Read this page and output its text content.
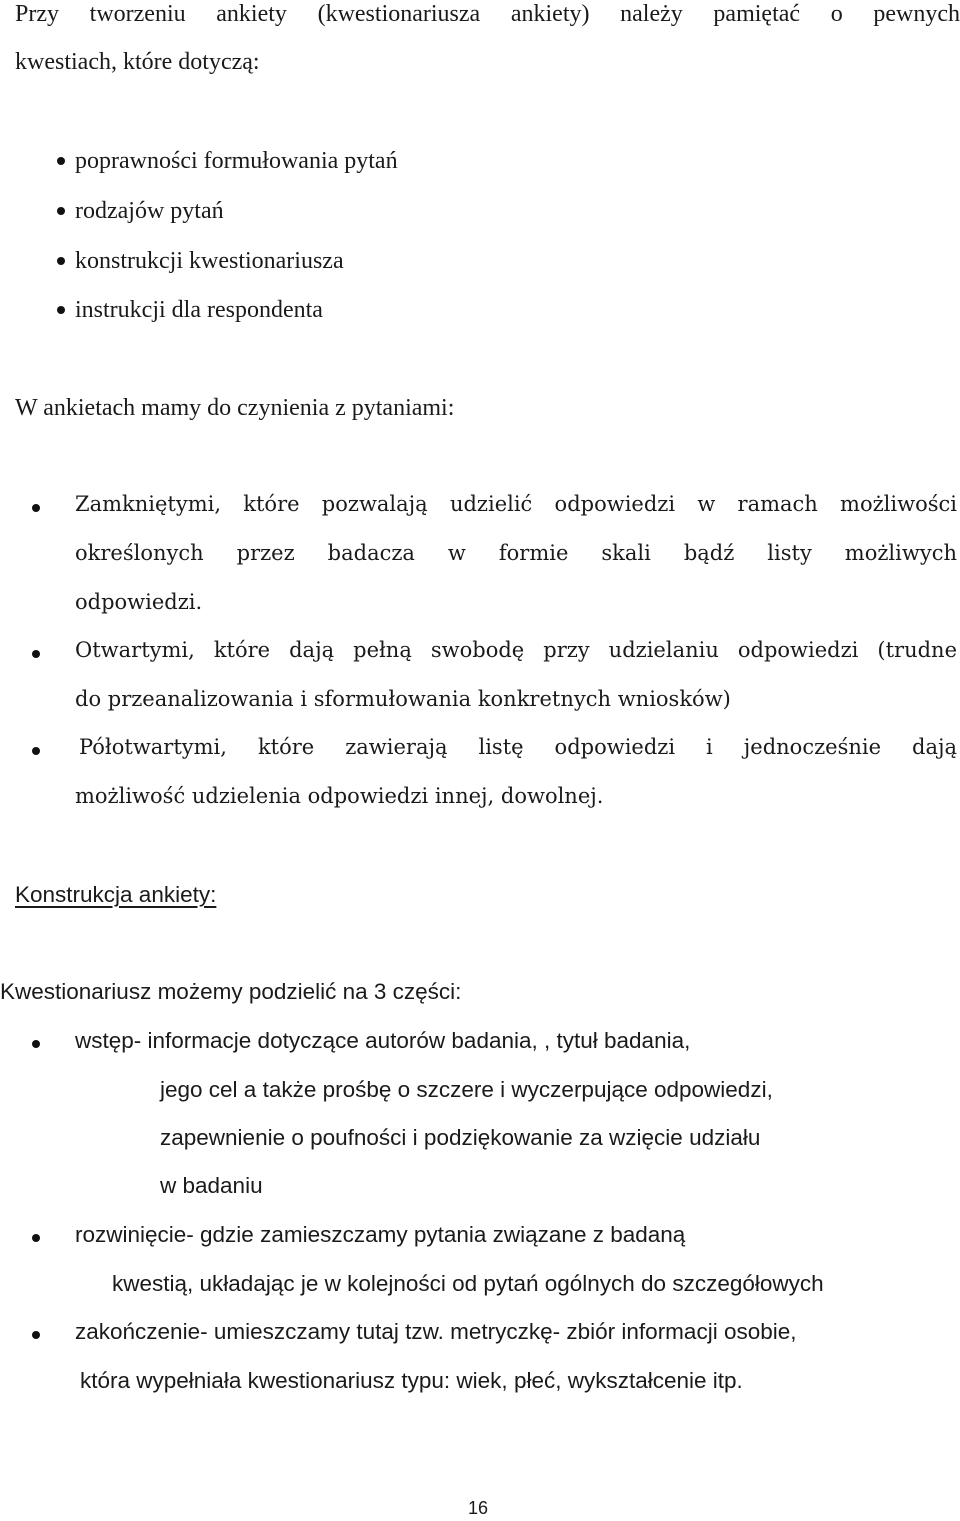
Przy tworzeniu ankiety (kwestionariusza ankiety) należy pamiętać o pewnych
kwestiach, które dotyczą:
poprawności formułowania pytań
rodzajów pytań
konstrukcji kwestionariusza
instrukcji dla respondenta
W ankietach mamy do czynienia z pytaniami:
Zamkniętymi, które pozwalają udzielić odpowiedzi w ramach możliwości
określonych przez badacza w formie skali bądź listy możliwych
odpowiedzi.
Otwartymi, które dają pełną swobodę przy udzielaniu odpowiedzi (trudne
do przeanalizowania i sformułowania konkretnych wniosków)
Półotwartymi, które zawierają listę odpowiedzi i jednocześnie dają
możliwość udzielenia odpowiedzi innej, dowolnej.
Konstrukcja ankiety:
Kwestionariusz możemy podzielić na 3 części:
wstęp- informacje dotyczące autorów badania, , tytuł badania,
jego cel a także prośbę o szczere i wyczerpujące odpowiedzi,
zapewnienie o poufności i podziękowanie za wzięcie udziału
w badaniu
rozwinięcie- gdzie zamieszczamy pytania związane z badaną
kwestią, układając je w kolejności od pytań ogólnych do szczegółowych
zakończenie- umieszczamy tutaj tzw. metryczkę- zbiór informacji osobie,
która wypełniała kwestionariusz typu: wiek, płeć, wykształcenie itp.
16
